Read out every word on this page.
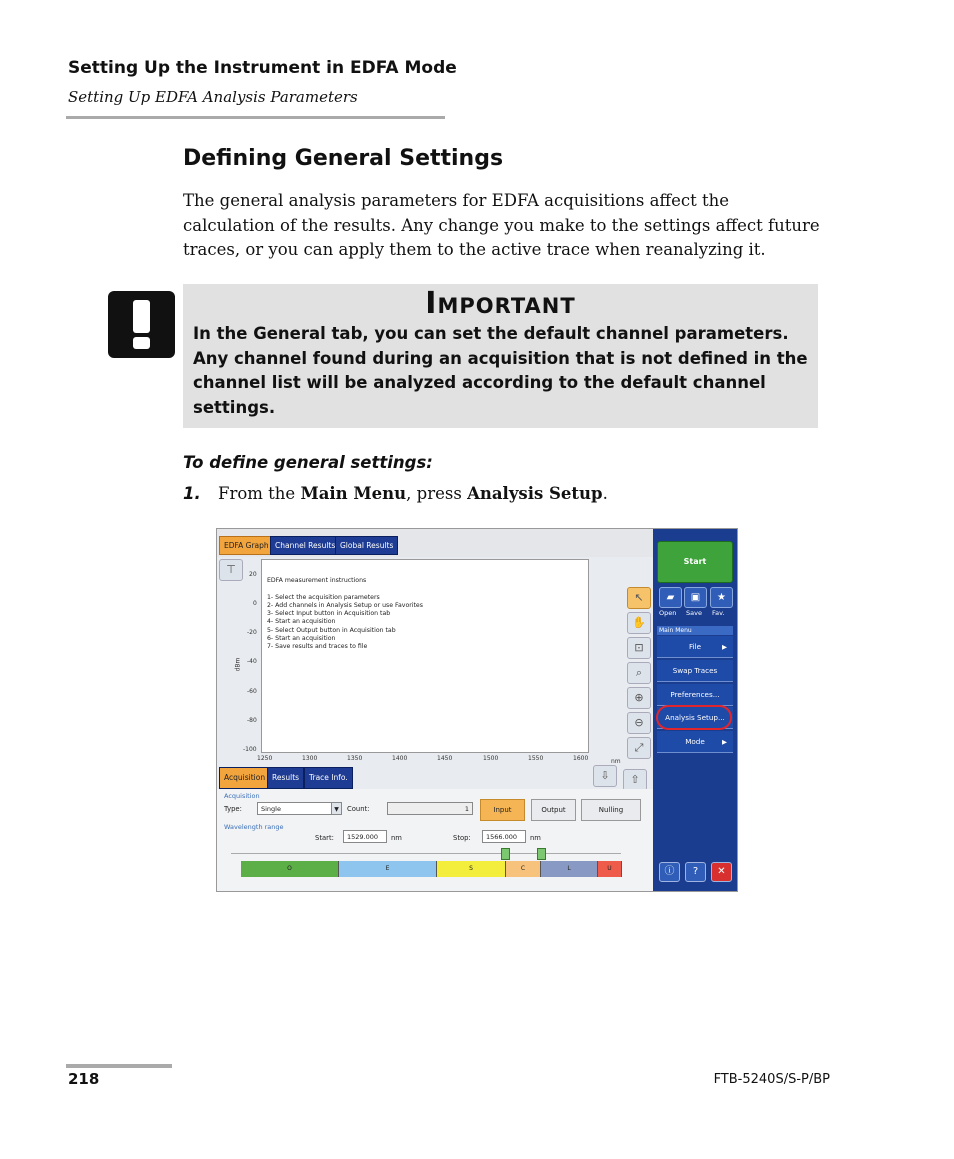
Setting Up the Instrument in EDFA Mode
Setting Up EDFA Analysis Parameters
Defining General Settings
The general analysis parameters for EDFA acquisitions affect the calculation of the results. Any change you make to the settings affect future traces, or you can apply them to the active trace when reanalyzing it.
Important
In the General tab, you can set the default channel parameters. Any channel found during an acquisition that is not defined in the channel list will be analyzed according to the default channel settings.
To define general settings:
1. From the Main Menu, press Analysis Setup.
EDFA Graph Channel Results Global Results
⊤
dBm
20
0
-20
-40
-60
-80
-100
1250	1300	1350	1400	1450	1500	1550	1600	nm
EDFA measurement instructions
1- Select the acquisition parameters
2- Add channels in Analysis Setup or use Favorites
3- Select Input button in Acquisition tab
4- Start an acquisition
5- Select Output button in Acquisition tab
6- Start an acquisition
7- Save results and traces to file
↖
✋
⊡
⌕
⊕
⊖
⤢
Acquisition Results	Trace Info.	⇩	⇧
Acquisition
Type:	Single	▼	Count:	1	Input	Output	Nulling
Wavelength range
Start:	1529.000	nm	Stop:	1566.000	nm
O	E	S	C	L	U
Start
▰	▣	★
Open Save Fav.
Main Menu
File	▶
Swap Traces
Preferences...
Analysis Setup...
Mode	▶
ⓘ	?	✕
218	FTB-5240S/S-P/BP
